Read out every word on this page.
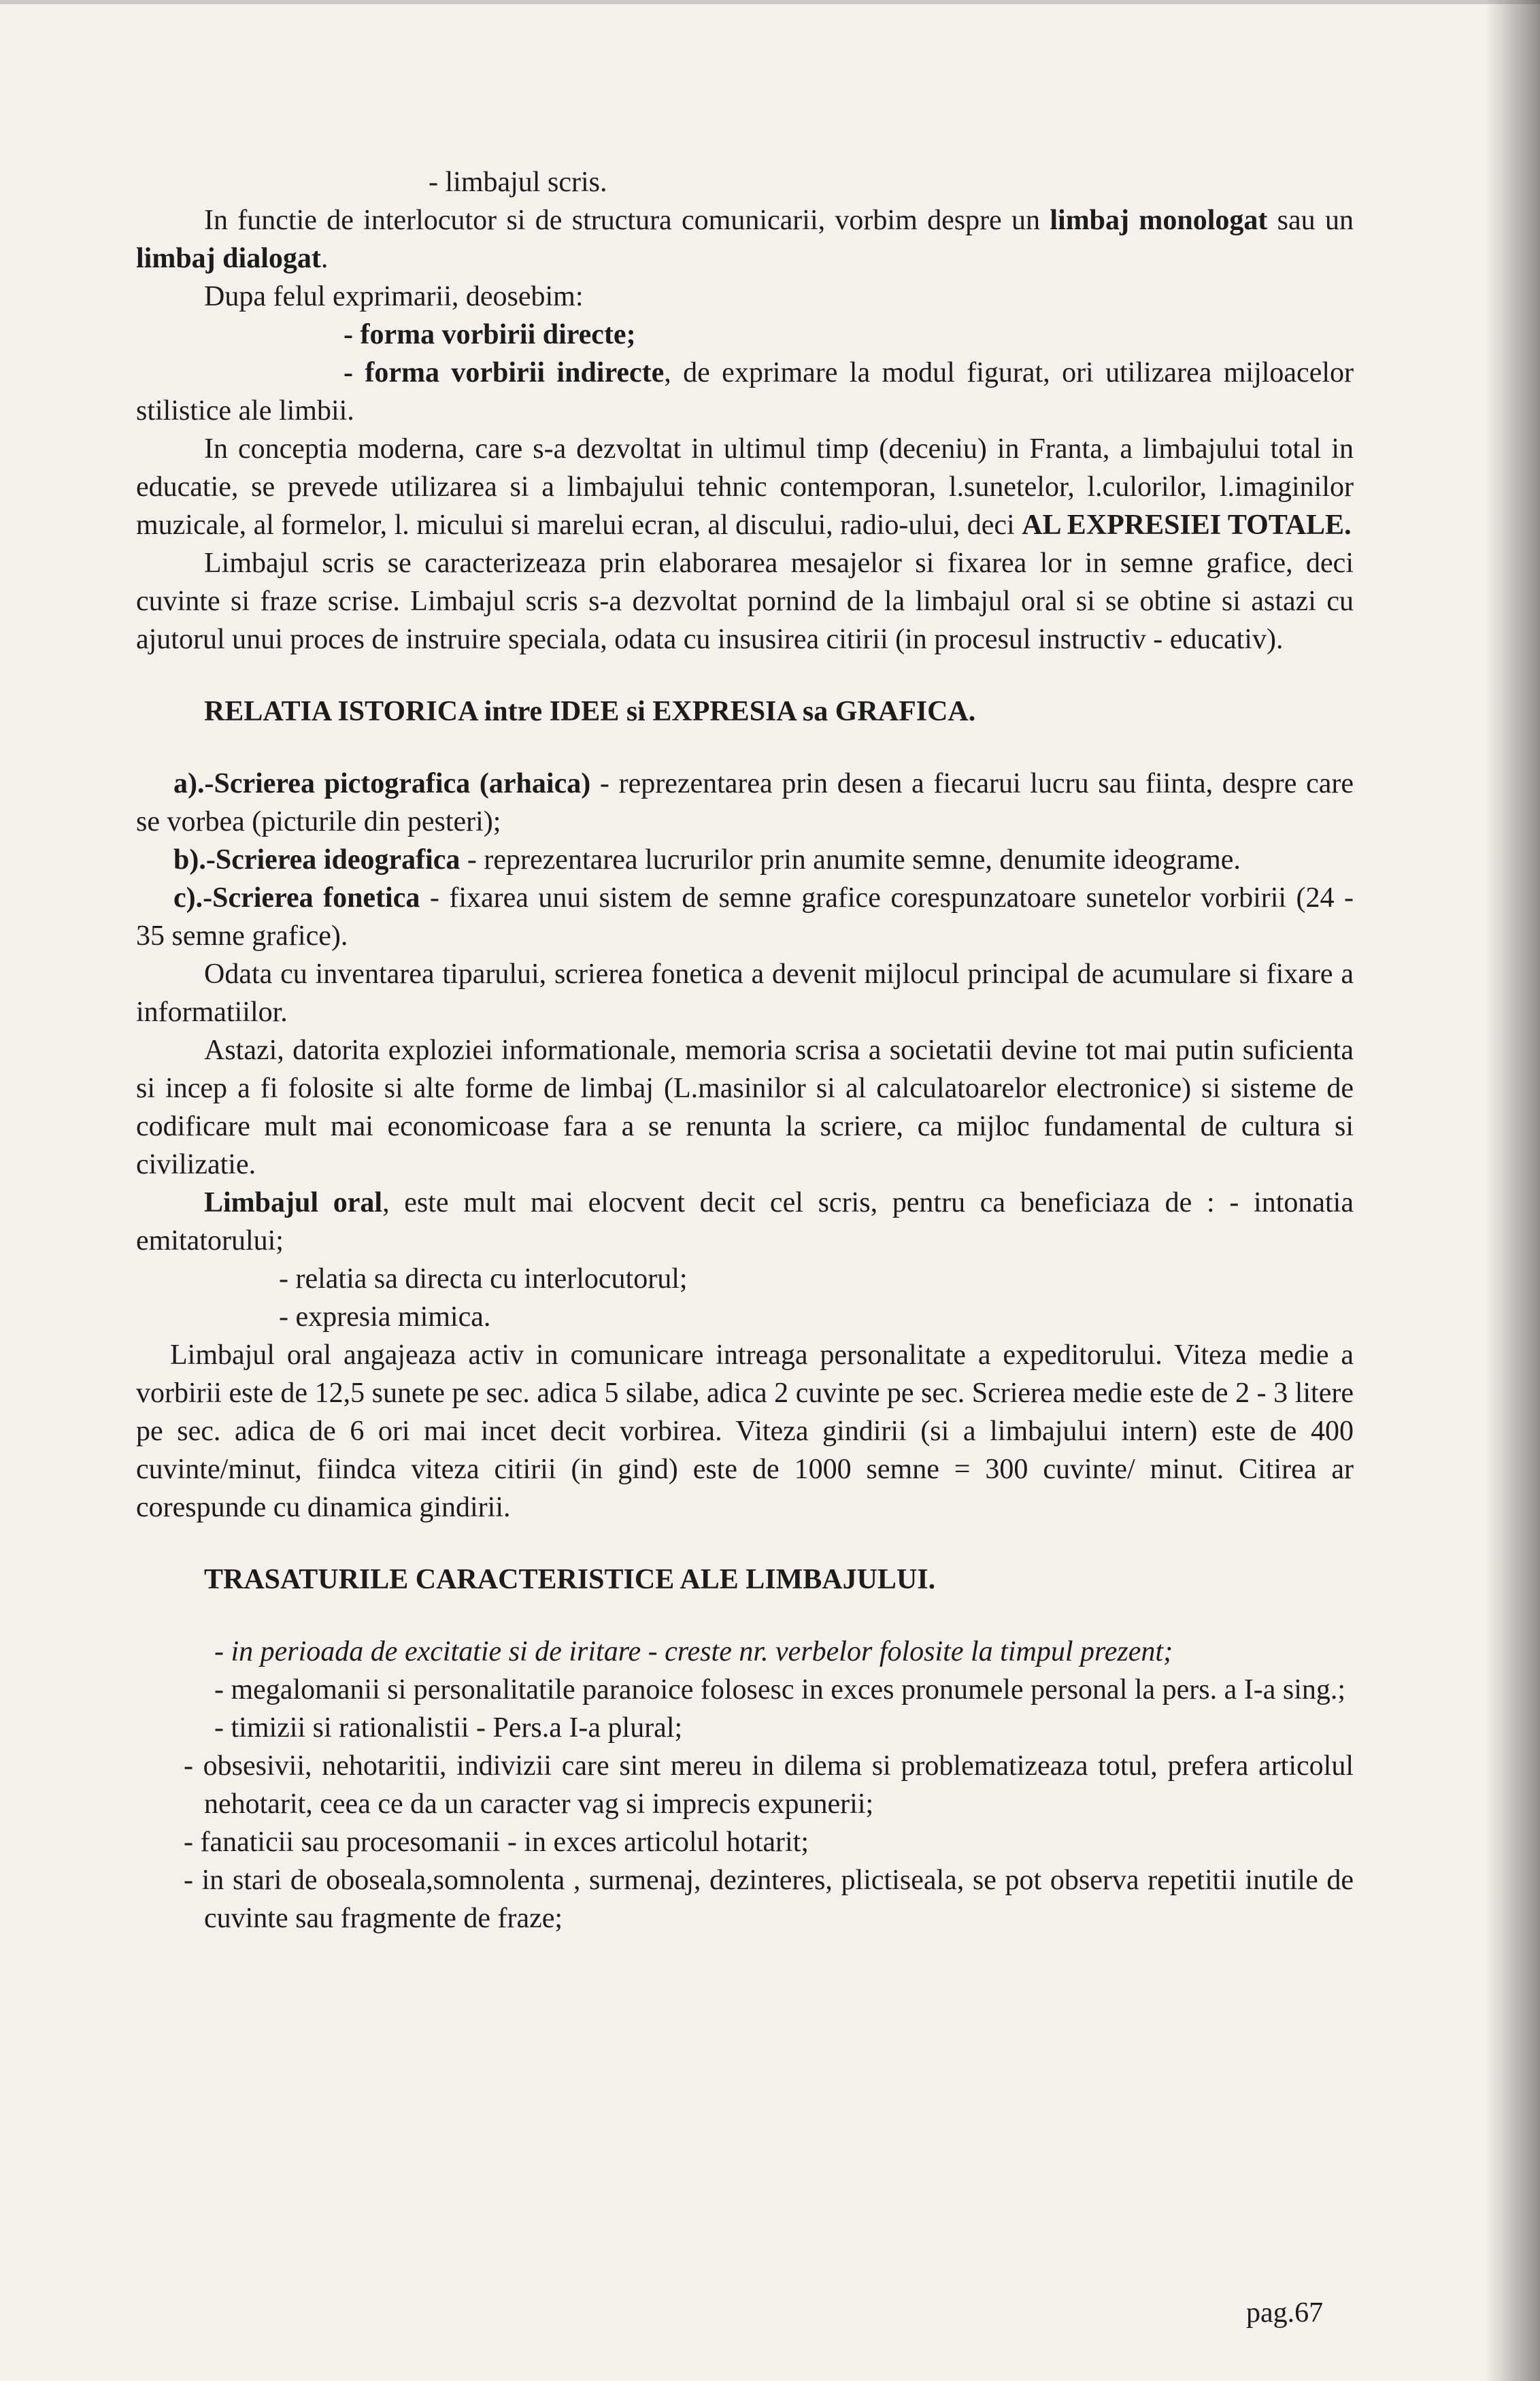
- limbajul scris.

In functie de interlocutor si de structura comunicarii, vorbim despre un limbaj monologat sau un limbaj dialogat.

Dupa felul exprimarii, deosebim:

- forma vorbirii directe;

- forma vorbirii indirecte, de exprimare la modul figurat, ori utilizarea mijloacelor stilistice ale limbii.

In conceptia moderna, care s-a dezvoltat in ultimul timp (deceniu) in Franta, a limbajului total in educatie, se prevede utilizarea si a limbajului tehnic contemporan, l.sunetelor, l.culorilor, l.imaginilor muzicale, al formelor, l. micului si marelui ecran, al discului, radio-ului, deci AL EXPRESIEI TOTALE.

Limbajul scris se caracterizeaza prin elaborarea mesajelor si fixarea lor in semne grafice, deci cuvinte si fraze scrise. Limbajul scris s-a dezvoltat pornind de la limbajul oral si se obtine si astazi cu ajutorul unui proces de instruire speciala, odata cu insusirea citirii (in procesul instructiv - educativ).

RELATIA ISTORICA intre IDEE si EXPRESIA sa GRAFICA.

a).-Scrierea pictografica (arhaica) - reprezentarea prin desen a fiecarui lucru sau fiinta, despre care se vorbea (picturile din pesteri);

b).-Scrierea ideografica - reprezentarea lucrurilor prin anumite semne, denumite ideograme.

c).-Scrierea fonetica - fixarea unui sistem de semne grafice corespunzatoare sunetelor vorbirii (24 - 35 semne grafice).

Odata cu inventarea tiparului, scrierea fonetica a devenit mijlocul principal de acumulare si fixare a informatiilor.

Astazi, datorita exploziei informationale, memoria scrisa a societatii devine tot mai putin suficienta si incep a fi folosite si alte forme de limbaj (L.masinilor si al calculatoarelor electronice) si sisteme de codificare mult mai economicoase fara a se renunta la scriere, ca mijloc fundamental de cultura si civilizatie.

Limbajul oral, este mult mai elocvent decit cel scris, pentru ca beneficiaza de : - intonatia emitatorului;

- relatia sa directa cu interlocutorul;

- expresia mimica.

Limbajul oral angajeaza activ in comunicare intreaga personalitate a expeditorului. Viteza medie a vorbirii este de 12,5 sunete pe sec. adica 5 silabe, adica 2 cuvinte pe sec. Scrierea medie este de 2 - 3 litere pe sec. adica de 6 ori mai incet decit vorbirea. Viteza gindirii (si a limbajului intern) este de 400 cuvinte/minut, fiindca viteza citirii (in gind) este de 1000 semne = 300 cuvinte/ minut. Citirea ar corespunde cu dinamica gindirii.

TRASATURILE CARACTERISTICE ALE LIMBAJULUI.

- in perioada de excitatie si de iritare - creste nr. verbelor folosite la timpul prezent;
- megalomanii si personalitatile paranoice folosesc in exces pronumele personal la pers. a I-a sing.;
- timizii si rationalistii - Pers.a I-a plural;
- obsesivii, nehotaritii, indivizii care sint mereu in dilema si problematizeaza totul, prefera articolul nehotarit, ceea ce da un caracter vag si imprecis expunerii;
- fanaticii sau procesomanii - in exces articolul hotarit;
- in stari de oboseala,somnolenta , surmenaj, dezinteres, plictiseala, se pot observa repetitii inutile de cuvinte sau fragmente de fraze;
pag.67
